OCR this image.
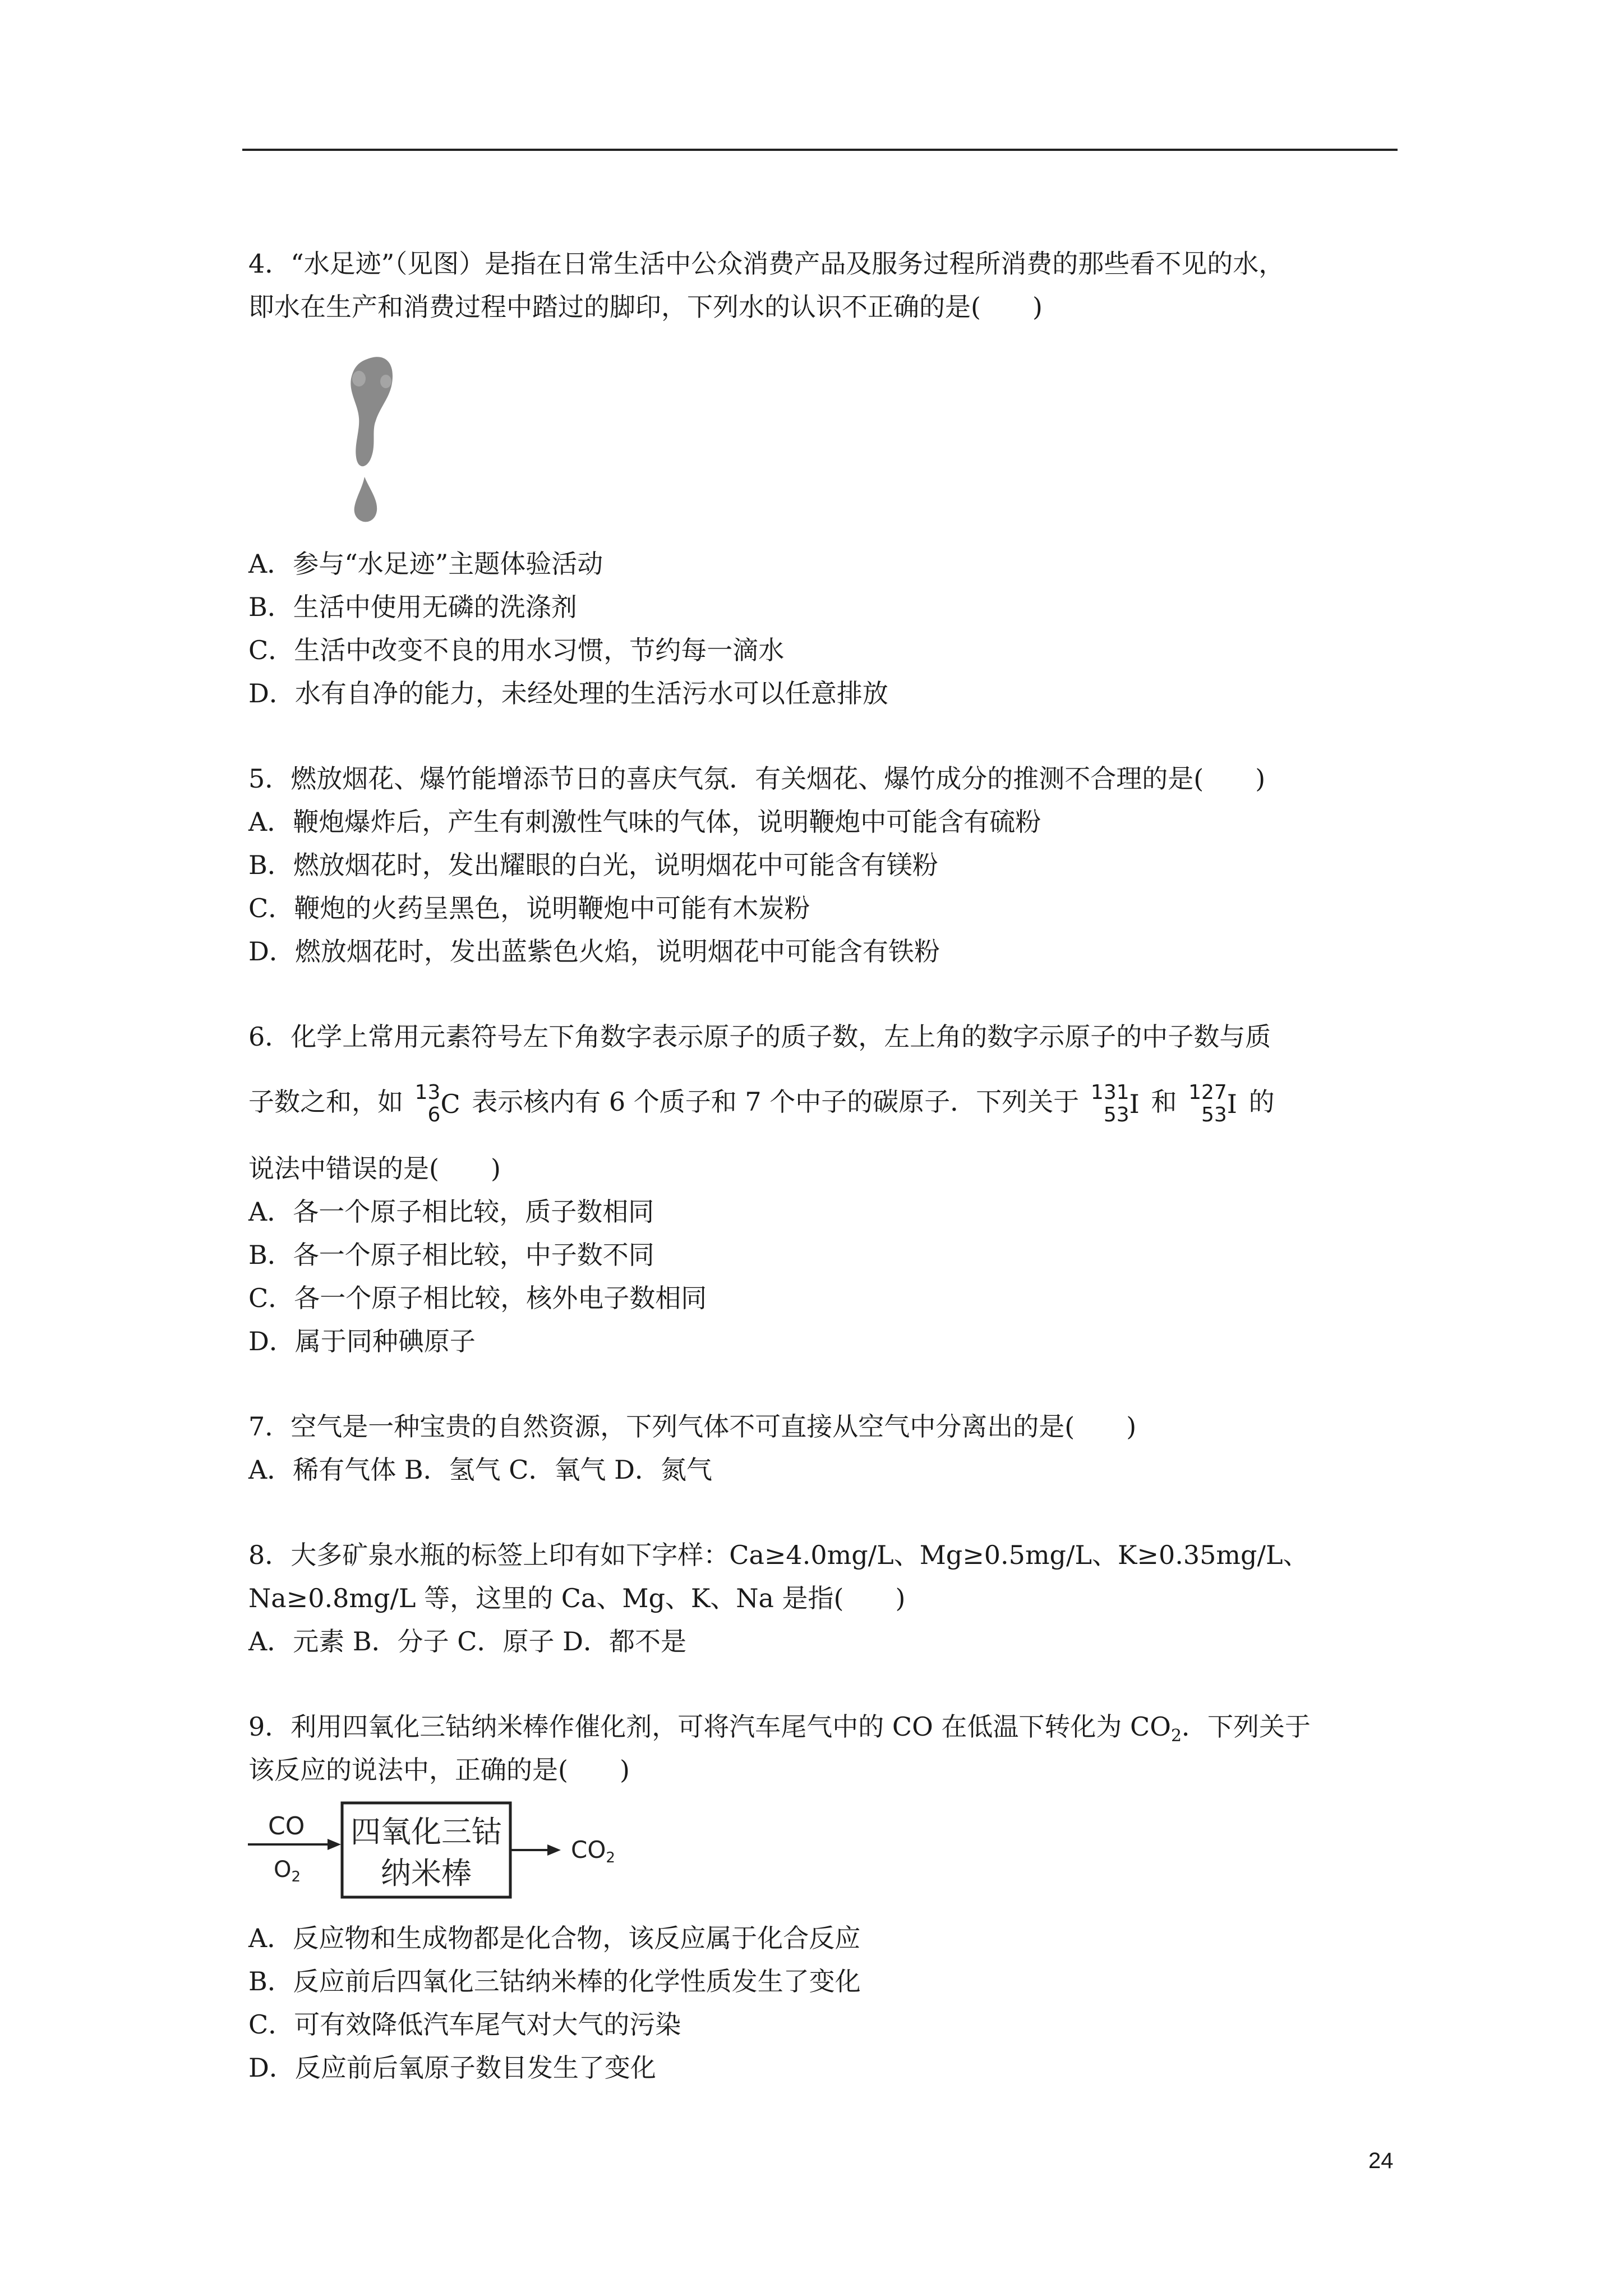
4．“水足迹”（见图）是指在日常生活中公众消费产品及服务过程所消费的那些看不见的水，
即水在生产和消费过程中踏过的脚印，下列水的认识不正确的是(　　)
A．参与“水足迹”主题体验活动
B．生活中使用无磷的洗涤剂
C．生活中改变不良的用水习惯，节约每一滴水
D．水有自净的能力，未经处理的生活污水可以任意排放
5．燃放烟花、爆竹能增添节日的喜庆气氛．有关烟花、爆竹成分的推测不合理的是(　　)
A．鞭炮爆炸后，产生有刺激性气味的气体，说明鞭炮中可能含有硫粉
B．燃放烟花时，发出耀眼的白光，说明烟花中可能含有镁粉
C．鞭炮的火药呈黑色，说明鞭炮中可能有木炭粉
D．燃放烟花时，发出蓝紫色火焰，说明烟花中可能含有铁粉
6．化学上常用元素符号左下角数字表示原子的质子数，左上角的数字示原子的中子数与质
子数之和，如 13
6 C 表示核内有 6 个质子和 7 个中子的碳原子．下列关于 131
53 I 和 127
53 I 的
说法中错误的是(　　)
A．各一个原子相比较，质子数相同
B．各一个原子相比较，中子数不同
C．各一个原子相比较，核外电子数相同
D．属于同种碘原子
7．空气是一种宝贵的自然资源，下列气体不可直接从空气中分离出的是(　　)
A．稀有气体 B．氢气 C．氧气 D．氮气
8．大多矿泉水瓶的标签上印有如下字样：Ca≥4.0mg/L、Mg≥0.5mg/L、K≥0.35mg/L、
Na≥0.8mg/L 等，这里的 Ca、Mg、K、Na 是指(　　)
A．元素 B．分子 C．原子 D．都不是
9．利用四氧化三钴纳米棒作催化剂，可将汽车尾气中的 CO 在低温下转化为 $CO_2$．下列关于
该反应的说法中，正确的是(　　)
CO
$O_2$
四氧化三钴
纳米棒
CO2
A．反应物和生成物都是化合物，该反应属于化合反应
B．反应前后四氧化三钴纳米棒的化学性质发生了变化
C．可有效降低汽车尾气对大气的污染
D．反应前后氧原子数目发生了变化
24
